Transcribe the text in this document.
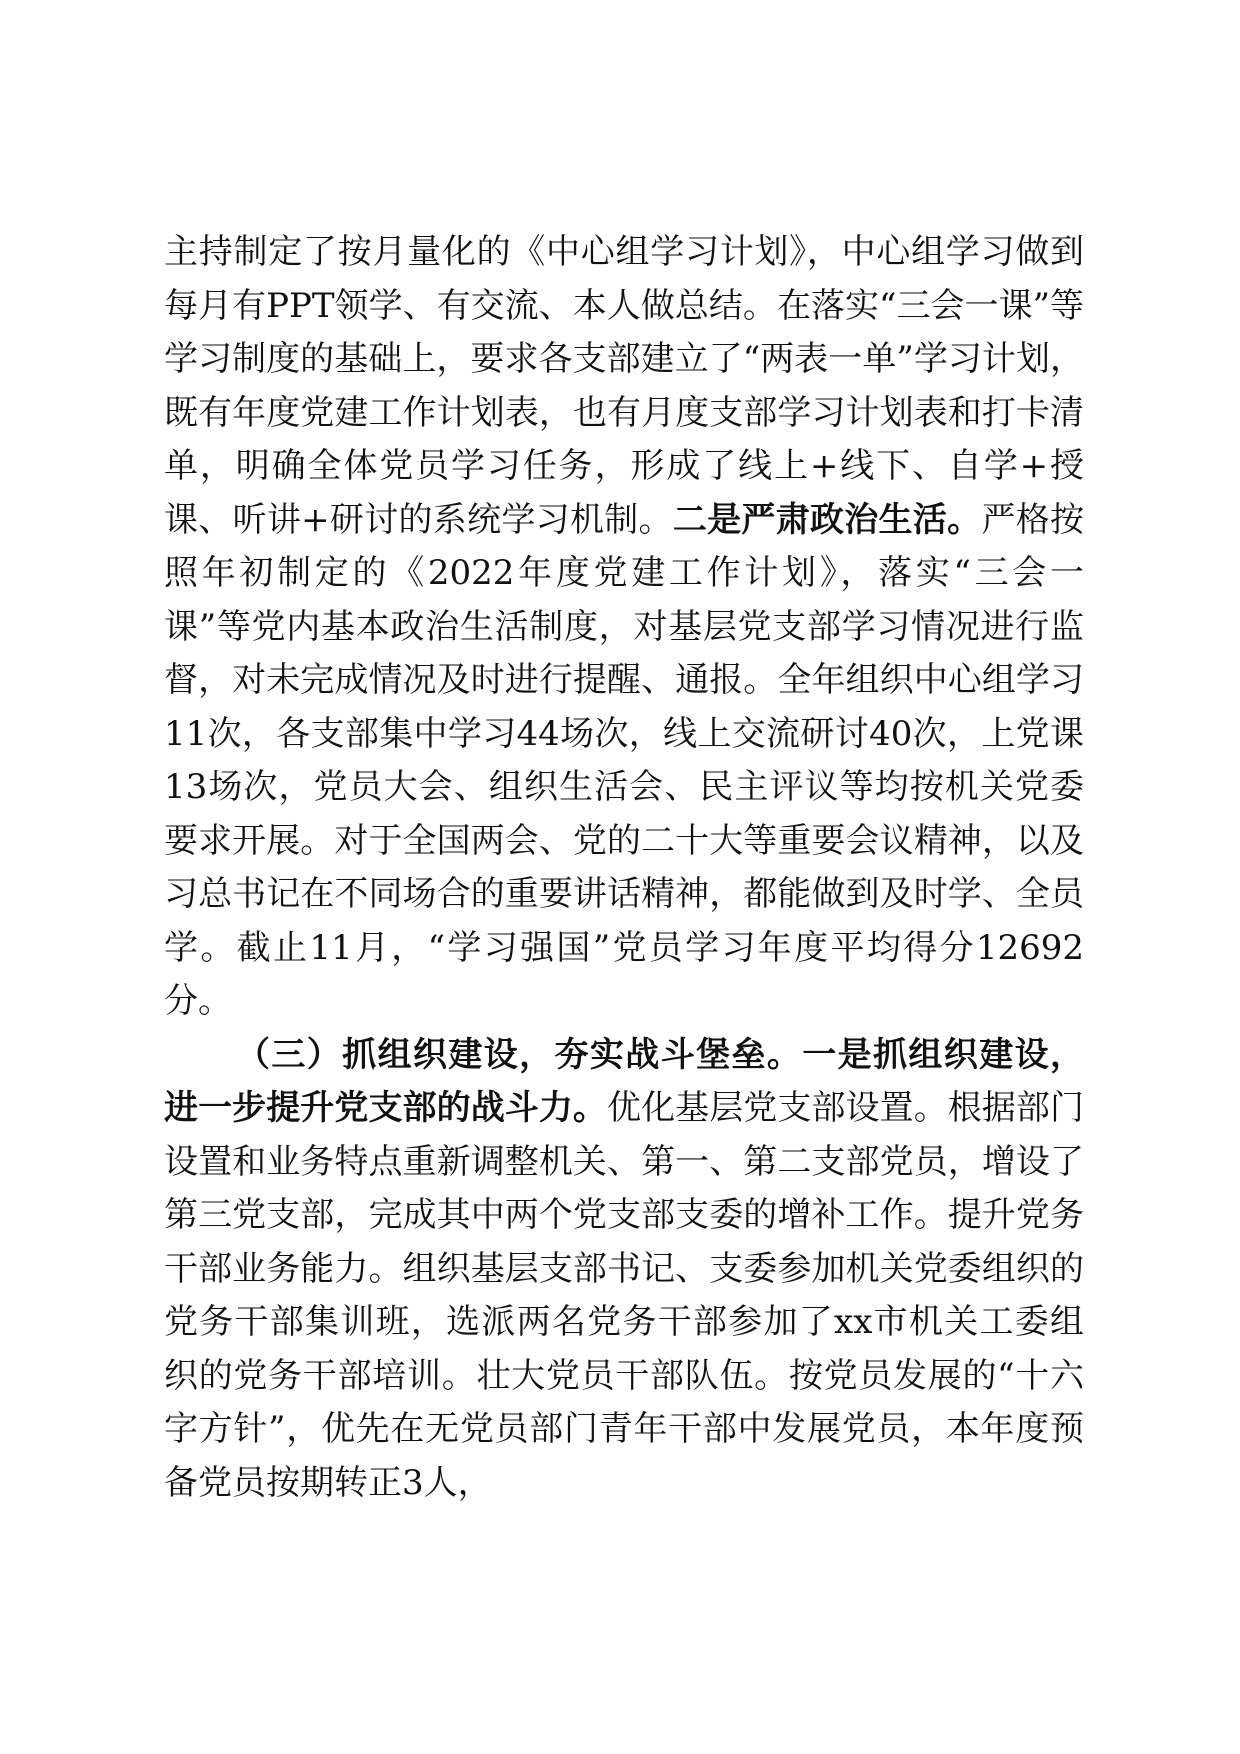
主持制定了按月量化的《中心组学习计划》，中心组学习做到每月有PPT领学、有交流、本人做总结。在落实“三会一课”等学习制度的基础上，要求各支部建立了“两表一单”学习计划，既有年度党建工作计划表，也有月度支部学习计划表和打卡清单，明确全体党员学习任务，形成了线上+线下、自学+授课、听讲+研讨的系统学习机制。二是严肃政治生活。严格按照年初制定的《2022年度党建工作计划》，落实“三会一课”等党内基本政治生活制度，对基层党支部学习情况进行监督，对未完成情况及时进行提醒、通报。全年组织中心组学习11次，各支部集中学习44场次，线上交流研讨40次，上党课13场次，党员大会、组织生活会、民主评议等均按机关党委要求开展。对于全国两会、党的二十大等重要会议精神，以及习总书记在不同场合的重要讲话精神，都能做到及时学、全员学。截止11月，“学习强国”党员学习年度平均得分12692分。

（三）抓组织建设，夯实战斗堡垒。一是抓组织建设，进一步提升党支部的战斗力。优化基层党支部设置。根据部门设置和业务特点重新调整机关、第一、第二支部党员，增设了第三党支部，完成其中两个党支部支委的增补工作。提升党务干部业务能力。组织基层支部书记、支委参加机关党委组织的党务干部集训班，选派两名党务干部参加了xx市机关工委组织的党务干部培训。壮大党员干部队伍。按党员发展的“十六字方针”，优先在无党员部门青年干部中发展党员，本年度预备党员按期转正3人，
